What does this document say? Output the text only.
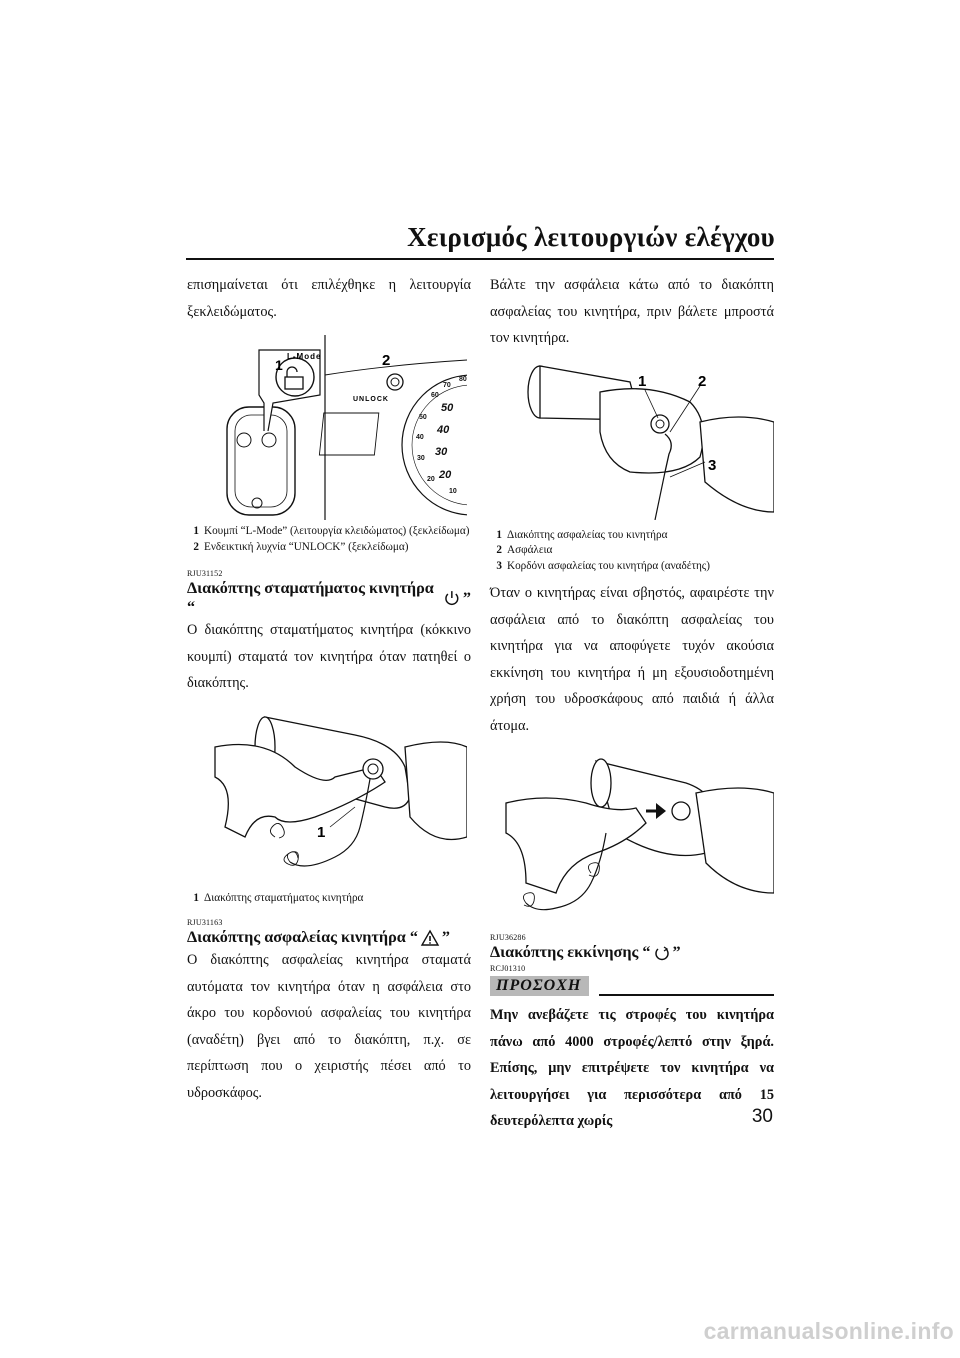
Χειρισμός λειτουργιών ελέγχου

επισημαίνεται ότι επιλέχθηκε η λειτουργία ξεκλειδώματος.

60
70
80
50
40
30
20
10
50
40
30
20
1	2
L-Mode
UNLOCK
1 Κουμπί “L-Mode” (λειτουργία κλειδώματος) (ξεκλείδωμα)
2 Ενδεικτική λυχνία “UNLOCK” (ξεκλείδωμα)
RJU31152
Διακόπτης σταματήματος κινητήρα “
”

Ο διακόπτης σταματήματος κινητήρα (κόκκινο κουμπί) σταματά τον κινητήρα όταν πατηθεί ο διακόπτης.

1
1 Διακόπτης σταματήματος κινητήρα
RJU31163
Διακόπτης ασφαλείας κινητήρα “ ”

Ο διακόπτης ασφαλείας κινητήρα σταματά αυτόματα τον κινητήρα όταν η ασφάλεια στο άκρο του κορδονιού ασφαλείας του κινητήρα (αναδέτη) βγει από το διακόπτη, π.χ. σε περίπτωση που ο χειριστής πέσει από το υδροσκάφος.

Βάλτε την ασφάλεια κάτω από το διακόπτη ασφαλείας του κινητήρα, πριν βάλετε μπροστά τον κινητήρα.

1	2
3
1 Διακόπτης ασφαλείας του κινητήρα
2 Ασφάλεια
3 Κορδόνι ασφαλείας του κινητήρα (αναδέτης)

Όταν ο κινητήρας είναι σβηστός, αφαιρέστε την ασφάλεια από το διακόπτη ασφαλείας του κινητήρα για να αποφύγετε τυχόν ακούσια εκκίνηση του κινητήρα ή μη εξουσιοδοτημένη χρήση του υδροσκάφους από παιδιά ή άλλα άτομα.

RJU36286
Διακόπτης εκκίνησης “ ”
RCJ01310
ΠΡΟΣΟΧΗ

Μην ανεβάζετε τις στροφές του κινητήρα πάνω από 4000 στροφές/λεπτό στην ξηρά. Επίσης, μην επιτρέψετε τον κινητήρα να λειτουργήσει για περισσότερα από 15 δευτερόλεπτα χωρίς	30
carmanualsonline.info
